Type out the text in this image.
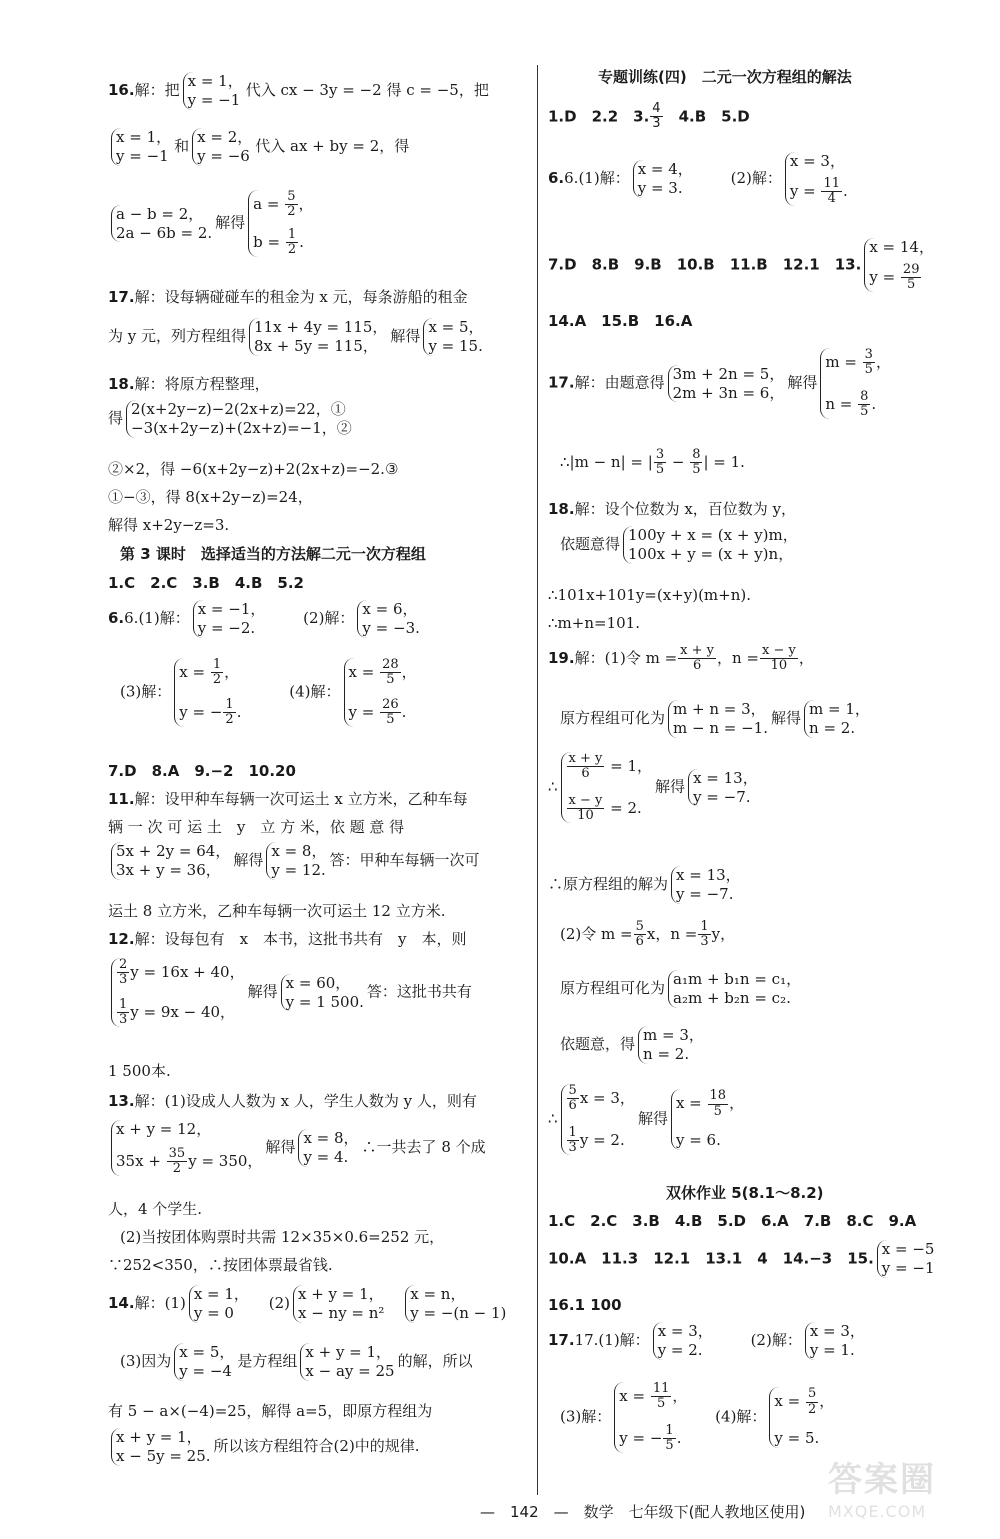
16.解：把 x = 1，
y = −1
代入 cx − 3y = −2 得 c = −5，把
x = 1，
y = −1
和 x = 2，
y = −6
代入 ax + by = 2，得
a − b = 2，
2a − 6b = 2.
解得
$a = \frac{5}{2}$ ，
$b = \frac{1}{2}$ .
17.解：设每辆碰碰车的租金为 x 元，每条游船的租金
为 y 元，列方程组得 11x + 4y = 115，
8x + 5y = 115，
解得 x = 5，
y = 15.
18.解：将原方程整理，
得 2(x+2y−z)−2(2x+z)=22，①
−3(x+2y−z)+(2x+z)=−1，②
②×2，得 −6(x+2y−z)+2(2x+z)=−2.③
①−③，得 8(x+2y−z)=24，
解得 x+2y−z=3.
第 3 课时　选择适当的方法解二元一次方程组
1.C　2.C　3.B　4.B　5.2
6.6.(1)解： x = −1，
y = −2.
(2)解： x = 6，
y = −3.
(3)解：
$x = \frac{1}{2}$ ，
y = − $\frac{1}{2}$ .
(4)解：
$x = \frac{28}{5}$ ，
$y = \frac{26}{5}$ .
7.D　8.A　9.−2　10.20
11.解：设甲种车每辆一次可运土 x 立方米，乙种车每
辆 一 次 可 运 土　y　立 方 米，依 题 意 得
5x + 2y = 64，
3x + y = 36，
解得 x = 8，
y = 12.
答：甲种车每辆一次可
运土 8 立方米，乙种车每辆一次可运土 12 立方米.
12.解：设每包有　x　本书，这批书共有　y　本，则
$\frac{2}{3}$ y = 16x + 40，
$\frac{1}{3}$ y = 9x − 40，
解得 x = 60，
y = 1 500.
答：这批书共有
1 500本.
13.解：(1)设成人人数为 x 人，学生人数为 y 人，则有
x + y = 12，
$35x + \frac{35}{2}$ y = 350，
解得 x = 8，
y = 4.
∴一共去了 8 个成
人，4 个学生.
(2)当按团体购票时共需 12×35×0.6=252 元，
∵252<350，∴按团体票最省钱.
14.解：(1) x = 1，
y = 0
(2) x + y = 1，
x − ny = n²

x = n，
y = −(n − 1)
(3)因为 x = 5，
y = −4
是方程组 x + y = 1，
x − ay = 25
的解，所以
有 5 − a×(−4)=25，解得 a=5，即原方程组为
x + y = 1，
x − 5y = 25.
所以该方程组符合(2)中的规律.
专题训练(四)　二元一次方程组的解法
1.D　2.2　3. $\frac{4}{3}$
　 4.B　5.D
6.6.(1)解： x = 4，
y = 3.
(2)解：
x = 3，
$y = \frac{11}{4}$ .
7.D　8.B　9.B　10.B　11.B　12.1　13.
x = 14，
$y = \frac{29}{5}$
14.A　15.B　16.A
17.解：由题意得 3m + 2n = 5，
2m + 3n = 6，
解得
$m = \frac{3}{5}$ ，
$n = \frac{8}{5}$ .
∴|m − n| = | $\frac{3}{5} - \frac{8}{5}$ | = 1.
18.解：设个位数为 x，百位数为 y，
依题意得 100y + x = (x + y)m，
100x + y = (x + y)n，
∴101x+101y=(x+y)(m+n).
∴m+n=101.
19.解：(1)令 $m = \frac{x + y}{6}$ ，$n = \frac{x - y}{10}$ ，
原方程组可化为 m + n = 3，
m − n = −1.
解得 m = 1，
n = 2.
∴
$\frac{x + y}{6} = 1$，
$\frac{x - y}{10} = 2$.
解得 x = 13，
y = −7.
∴原方程组的解为 x = 13，
y = −7.
(2)令 $m = \frac{5}{6}$ x，$n = \frac{1}{3}$ y，
原方程组可化为 a₁m + b₁n = c₁，
a₂m + b₂n = c₂.
依题意，得 m = 3，
n = 2.
∴
$\frac{5}{6}$ x = 3，
$\frac{1}{3}$ y = 2.
解得
$x = \frac{18}{5}$ ，
y = 6.
双休作业 5(8.1～8.2)
1.C　2.C　3.B　4.B　5.D　6.A　7.B　8.C　9.A
10.A　11.3　12.1　13.1　4　14.−3　15.
x = −5
y = −1
16.1 100
17.17.(1)解： x = 3，
y = 2.
(2)解： x = 3，
y = 1.
(3)解：
$x = \frac{11}{5}$ ，
y = − $\frac{1}{5}$ .
(4)解：
$x = \frac{5}{2}$ ，
y = 5.
—　142　—　数学　七年级下(配人教地区使用)
答案圈
MXQE.COM
